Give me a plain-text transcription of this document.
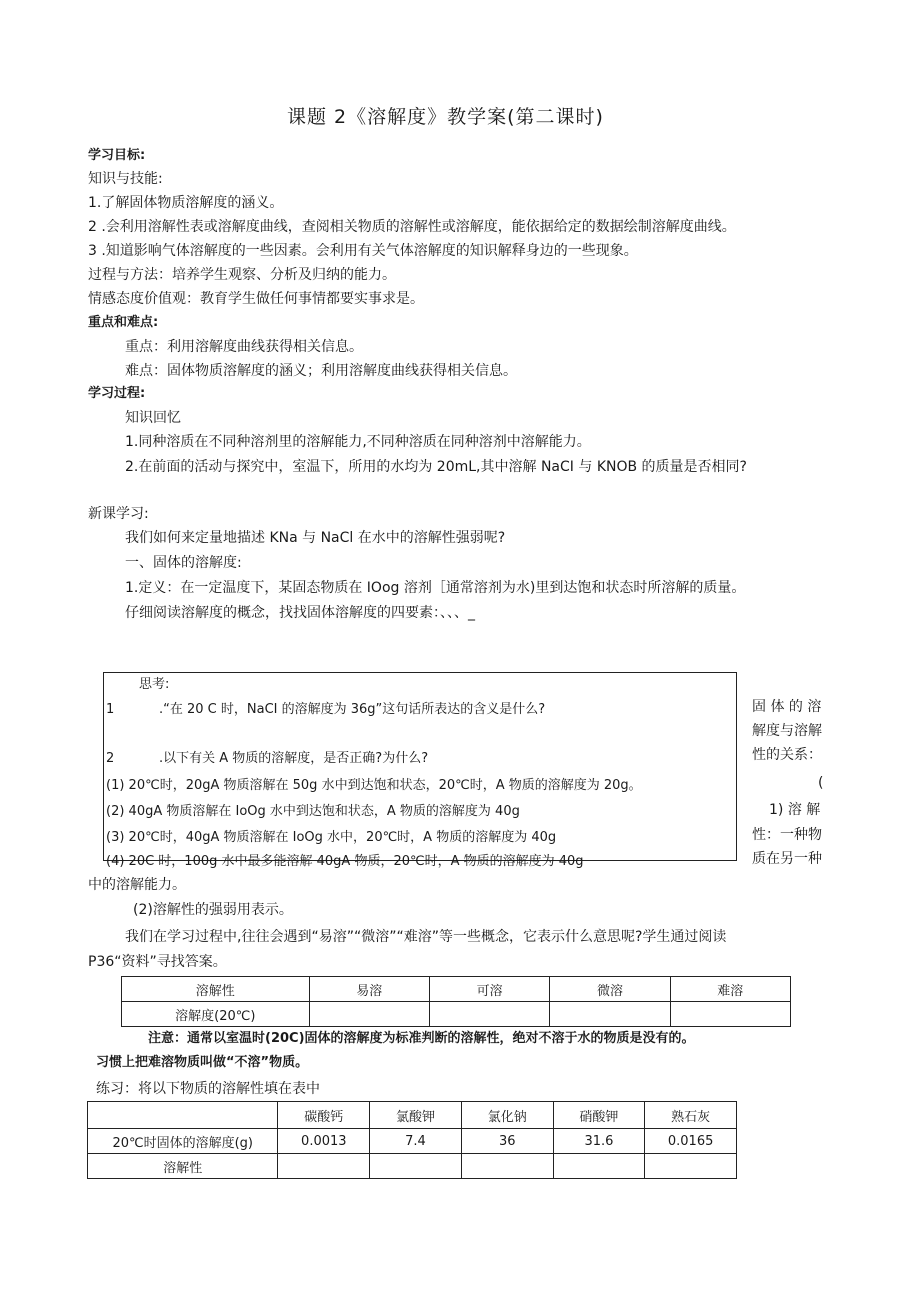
课题 2《溶解度》教学案(第二课时)
学习目标:
知识与技能:
1.了解固体物质溶解度的涵义。
2 .会利用溶解性表或溶解度曲线，查阅相关物质的溶解性或溶解度，能依据给定的数据绘制溶解度曲线。
3 .知道影响气体溶解度的一些因素。会利用有关气体溶解度的知识解释身边的一些现象。
过程与方法：培养学生观察、分析及归纳的能力。
情感态度价值观：教育学生做任何事情都要实事求是。
重点和难点:
重点：利用溶解度曲线获得相关信息。
难点：固体物质溶解度的涵义；利用溶解度曲线获得相关信息。
学习过程:
知识回忆
1.同种溶质在不同种溶剂里的溶解能力,不同种溶质在同种溶剂中溶解能力。
2.在前面的活动与探究中，室温下，所用的水均为 20mL,其中溶解 NaCI 与 KNOB 的质量是否相同?
新课学习:
我们如何来定量地描述 KNa 与 NaCl 在水中的溶解性强弱呢?
一、固体的溶解度:
1.定义：在一定温度下，某固态物质在 IOog 溶剂［通常溶剂为水)里到达饱和状态时所溶解的质量。
仔细阅读溶解度的概念，找找固体溶解度的四要素：、、、_
思考:
1	.“在 20 C 时，NaCI 的溶解度为 36g”这句话所表达的含义是什么?
2	.以下有关 A 物质的溶解度，是否正确?为什么?
(1) 20℃时，20gA 物质溶解在 50g 水中到达饱和状态，20℃时，A 物质的溶解度为 20g。
(2) 40gA 物质溶解在 IoOg 水中到达饱和状态，A 物质的溶解度为 40g
(3) 20℃时，40gA 物质溶解在 IoOg 水中，20℃时，A 物质的溶解度为 40g
(4) 20C 时，100g 水中最多能溶解 40gA 物质，20℃时，A 物质的溶解度为 40g
固 体 的 溶
解度与溶解
性的关系：
(
1) 溶 解
性：一种物
质在另一种
中的溶解能力。
(2)溶解性的强弱用表示。
我们在学习过程中,往往会遇到“易溶”“微溶”“难溶”等一些概念，它表示什么意思呢?学生通过阅读
P36“资料”寻找答案。
溶解性	易溶	可溶	微溶	难溶
溶解度(20℃)				
注意：通常以室温时(20C)固体的溶解度为标准判断的溶解性，绝对不溶于水的物质是没有的。
习惯上把难溶物质叫做“不溶”物质。
练习：将以下物质的溶解性填在表中
	碳酸钙	氯酸钾	氯化钠	硝酸钾	熟石灰
20℃时固体的溶解度(g)	0.0013	7.4	36	31.6	0.0165
溶解性					
